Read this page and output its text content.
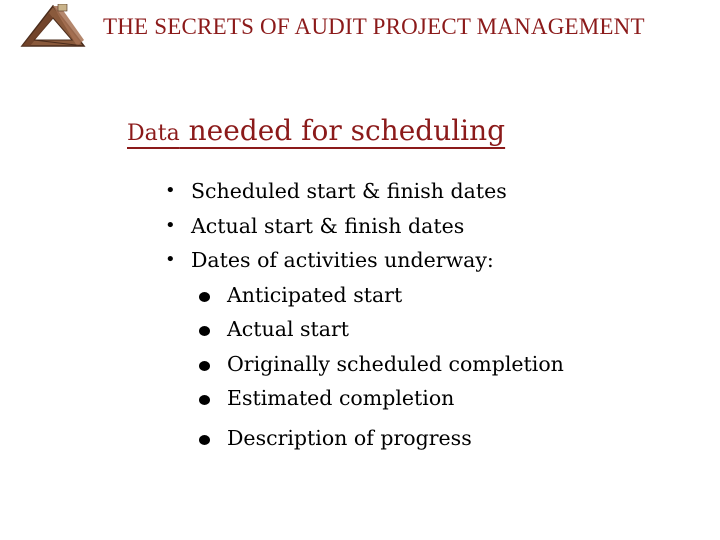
THE SECRETS OF AUDIT PROJECT MANAGEMENT
Data needed for scheduling
• Scheduled start & finish dates
• Actual start & finish dates
• Dates of activities underway:
Anticipated start
Actual start
Originally scheduled completion
Estimated completion
Description of progress
